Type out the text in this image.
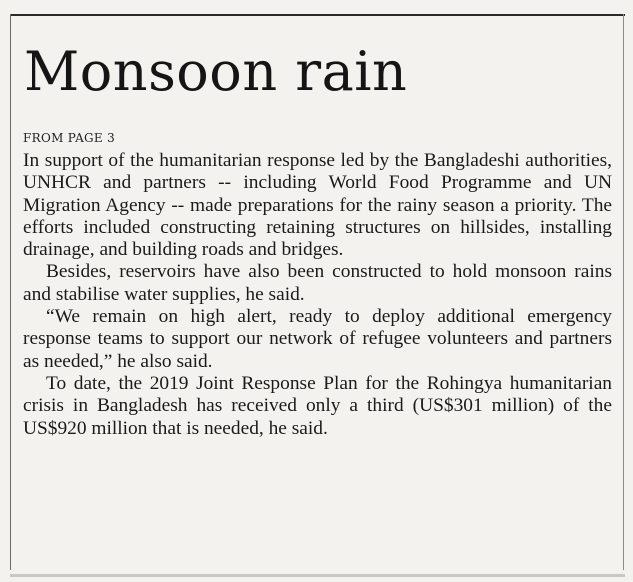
Monsoon rain
FROM PAGE 3

In support of the humanitarian response led by the Bangladeshi authorities, UNHCR and partners -- including World Food Programme and UN Migration Agency -- made preparations for the rainy season a priority. The efforts included constructing retaining structures on hillsides, installing drainage, and building roads and bridges.

Besides, reservoirs have also been constructed to hold monsoon rains and stabilise water supplies, he said.

“We remain on high alert, ready to deploy additional emergency response teams to support our network of refugee volunteers and partners as needed,” he also said.

To date, the 2019 Joint Response Plan for the Rohingya humanitarian crisis in Bangladesh has received only a third (US$301 million) of the US$920 million that is needed, he said.
